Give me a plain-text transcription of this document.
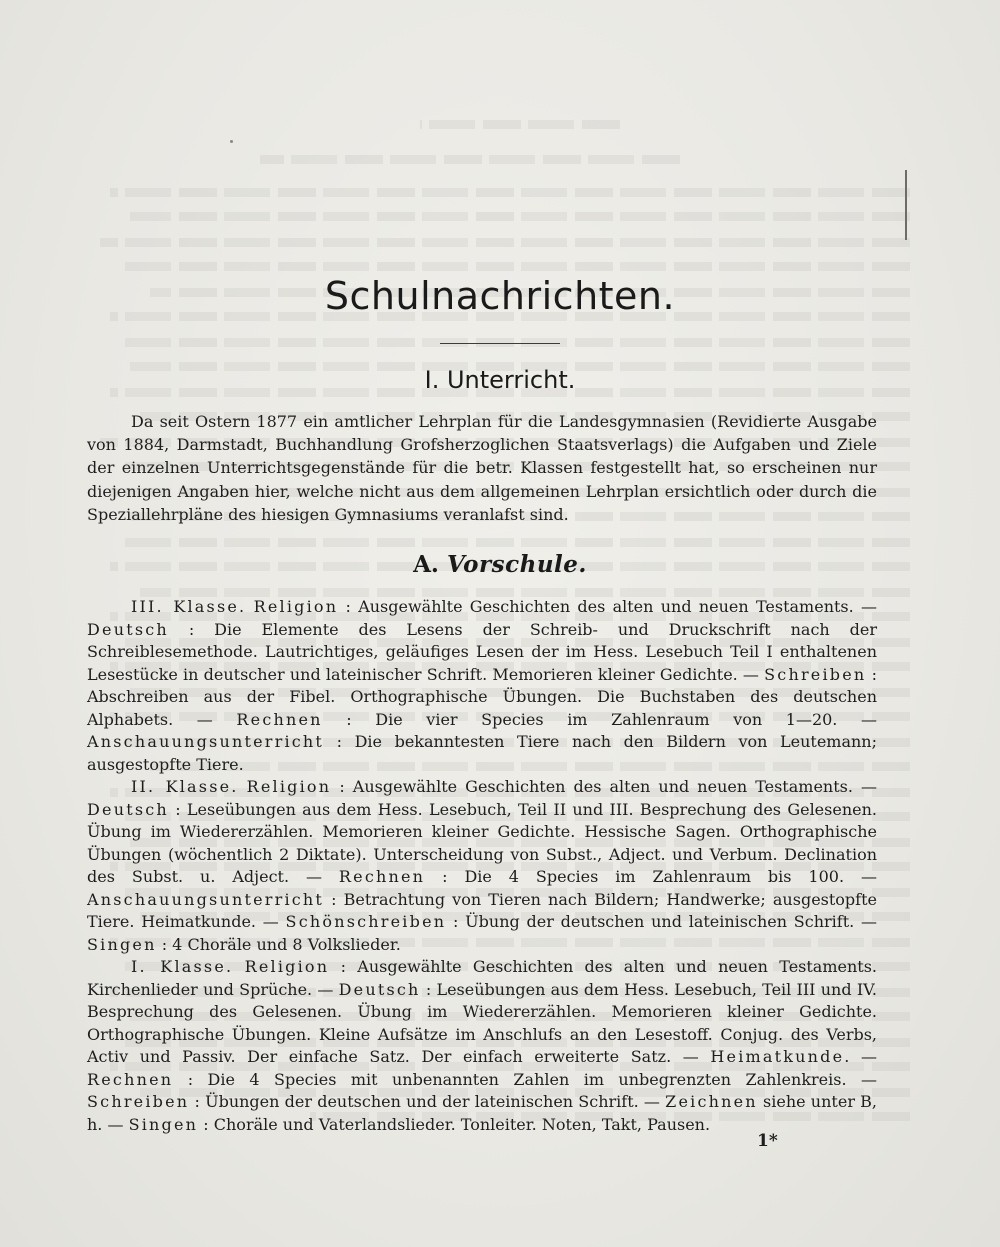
Schulnachrichten.
I. Unterricht.

Da seit Ostern 1877 ein amtlicher Lehrplan für die Landesgymnasien (Revidierte Ausgabe von 1884, Darmstadt, Buchhandlung Grofsherzoglichen Staatsverlags) die Aufgaben und Ziele der einzelnen Unterrichtsgegenstände für die betr. Klassen festgestellt hat, so erscheinen nur diejenigen Angaben hier, welche nicht aus dem allgemeinen Lehrplan ersichtlich oder durch die Speziallehrpläne des hiesigen Gymnasiums veranlafst sind.

A. Vorschule.

III. Klasse. Religion : Ausgewählte Geschichten des alten und neuen Testaments. — Deutsch : Die Elemente des Lesens der Schreib- und Druckschrift nach der Schreiblesemethode. Lautrichtiges, geläufiges Lesen der im Hess. Lesebuch Teil I enthaltenen Lesestücke in deutscher und lateinischer Schrift. Memorieren kleiner Gedichte. — Schreiben : Abschreiben aus der Fibel. Orthographische Übungen. Die Buchstaben des deutschen Alphabets. — Rechnen : Die vier Species im Zahlenraum von 1—20. — Anschauungsunterricht : Die bekanntesten Tiere nach den Bildern von Leutemann; ausgestopfte Tiere.

II. Klasse. Religion : Ausgewählte Geschichten des alten und neuen Testaments. — Deutsch : Leseübungen aus dem Hess. Lesebuch, Teil II und III. Besprechung des Gelesenen. Übung im Wiedererzählen. Memorieren kleiner Gedichte. Hessische Sagen. Orthographische Übungen (wöchentlich 2 Diktate). Unterscheidung von Subst., Adject. und Verbum. Declination des Subst. u. Adject. — Rechnen : Die 4 Species im Zahlenraum bis 100. — Anschauungsunterricht : Betrachtung von Tieren nach Bildern; Handwerke; ausgestopfte Tiere. Heimatkunde. — Schönschreiben : Übung der deutschen und lateinischen Schrift. — Singen : 4 Choräle und 8 Volkslieder.

I. Klasse. Religion : Ausgewählte Geschichten des alten und neuen Testaments. Kirchenlieder und Sprüche. — Deutsch : Leseübungen aus dem Hess. Lesebuch, Teil III und IV. Besprechung des Gelesenen. Übung im Wiedererzählen. Memorieren kleiner Gedichte. Orthographische Übungen. Kleine Aufsätze im Anschlufs an den Lesestoff. Conjug. des Verbs, Activ und Passiv. Der einfache Satz. Der einfach erweiterte Satz. — Heimatkunde. — Rechnen : Die 4 Species mit unbenannten Zahlen im unbegrenzten Zahlenkreis. — Schreiben : Übungen der deutschen und der lateinischen Schrift. — Zeichnen siehe unter B, h. — Singen : Choräle und Vaterlandslieder. Tonleiter. Noten, Takt, Pausen.

1*
